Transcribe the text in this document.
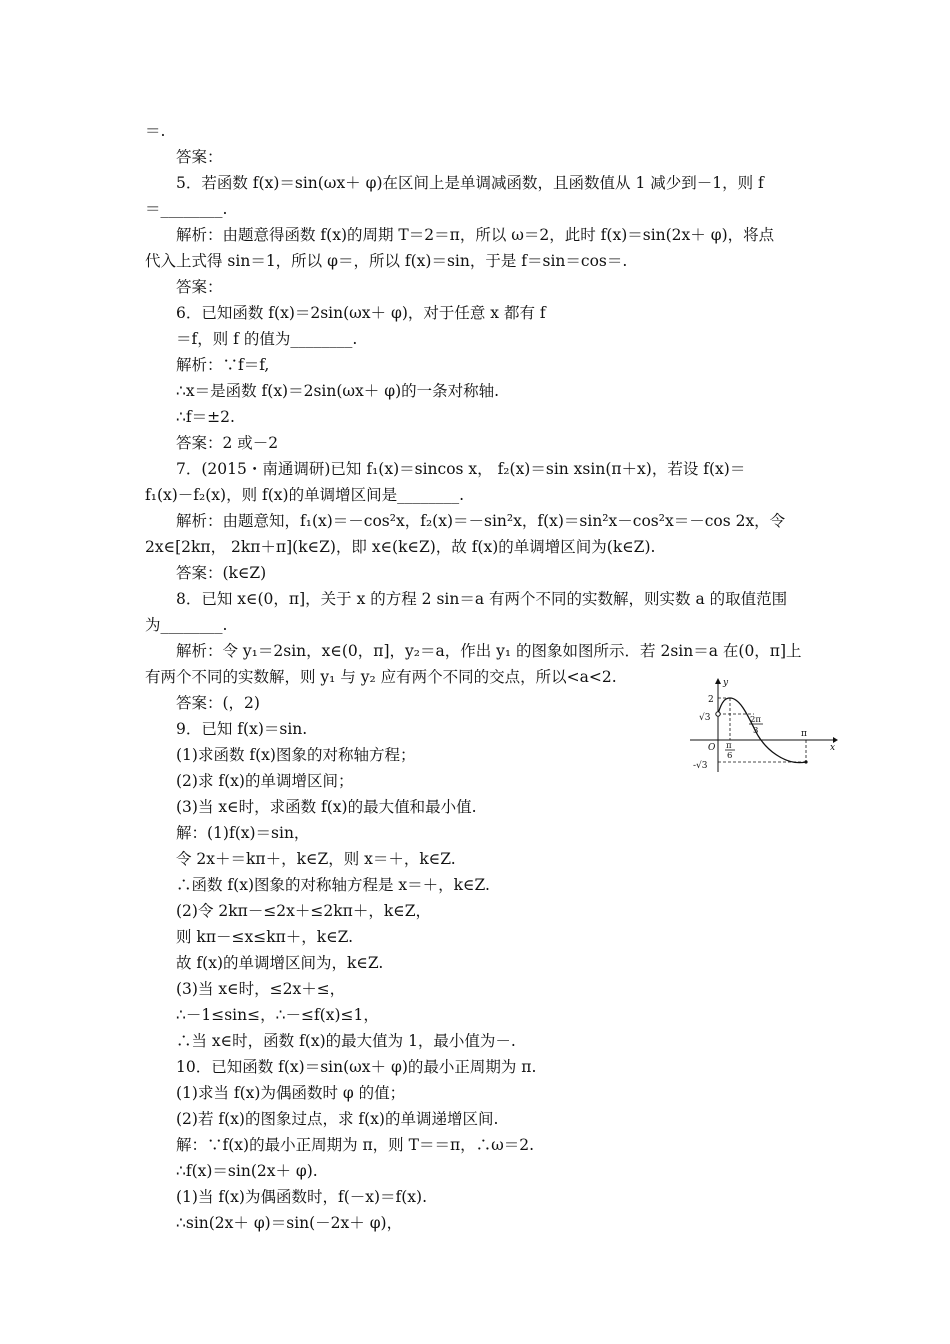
＝.
答案：
5．若函数 f(x)＝sin(ωx＋ φ)在区间上是单调减函数，且函数值从 1 减少到－1，则 f
＝________.
解析：由题意得函数 f(x)的周期 T＝2＝π，所以 ω＝2，此时 f(x)＝sin(2x＋ φ)，将点
代入上式得 sin＝1，所以 φ＝，所以 f(x)＝sin，于是 f＝sin＝cos＝.
答案：
6．已知函数 f(x)＝2sin(ωx＋ φ)，对于任意 x 都有 f
＝f，则 f 的值为________.
解析：∵f＝f,
∴x＝是函数 f(x)＝2sin(ωx＋ φ)的一条对称轴.
∴f＝±2.
答案：2 或－2
7．(2015・南通调研)已知 f₁(x)＝sincos x， f₂(x)＝sin xsin(π＋x)，若设 f(x)＝
f₁(x)－f₂(x)，则 f(x)的单调增区间是________.
解析：由题意知，f₁(x)＝－cos²x，f₂(x)＝－sin²x，f(x)＝sin²x－cos²x＝－cos 2x，令
2x∈[2kπ， 2kπ＋π](k∈Z)，即 x∈(k∈Z)，故 f(x)的单调增区间为(k∈Z).
答案：(k∈Z)
8．已知 x∈(0，π]，关于 x 的方程 2 sin＝a 有两个不同的实数解，则实数 a 的取值范围
为________.
解析：令 y₁＝2sin，x∈(0，π]，y₂＝a，作出 y₁ 的图象如图所示．若 2sin＝a 在(0，π]上
有两个不同的实数解，则 y₁ 与 y₂ 应有两个不同的交点，所以<a<2.
答案：(，2)
9．已知 f(x)＝sin.
(1)求函数 f(x)图象的对称轴方程；
(2)求 f(x)的单调增区间；
(3)当 x∈时，求函数 f(x)的最大值和最小值.
解：(1)f(x)＝sin，
令 2x＋＝kπ＋，k∈Z，则 x＝＋，k∈Z.
∴函数 f(x)图象的对称轴方程是 x＝＋，k∈Z.
(2)令 2kπ－≤2x＋≤2kπ＋，k∈Z，
则 kπ－≤x≤kπ＋，k∈Z.
故 f(x)的单调增区间为，k∈Z.
(3)当 x∈时，≤2x＋≤，
∴－1≤sin≤，∴－≤f(x)≤1，
∴当 x∈时，函数 f(x)的最大值为 1，最小值为－.
10．已知函数 f(x)＝sin(ωx＋ φ)的最小正周期为 π.
(1)求当 f(x)为偶函数时 φ 的值；
(2)若 f(x)的图象过点，求 f(x)的单调递增区间.
解：∵f(x)的最小正周期为 π，则 T＝＝π，∴ω＝2.
∴f(x)＝sin(2x＋ φ).
(1)当 f(x)为偶函数时，f(－x)＝f(x).
∴sin(2x＋ φ)＝sin(－2x＋ φ)，
y
x
O
2
√3
-√3
π
6
2π
3	π
